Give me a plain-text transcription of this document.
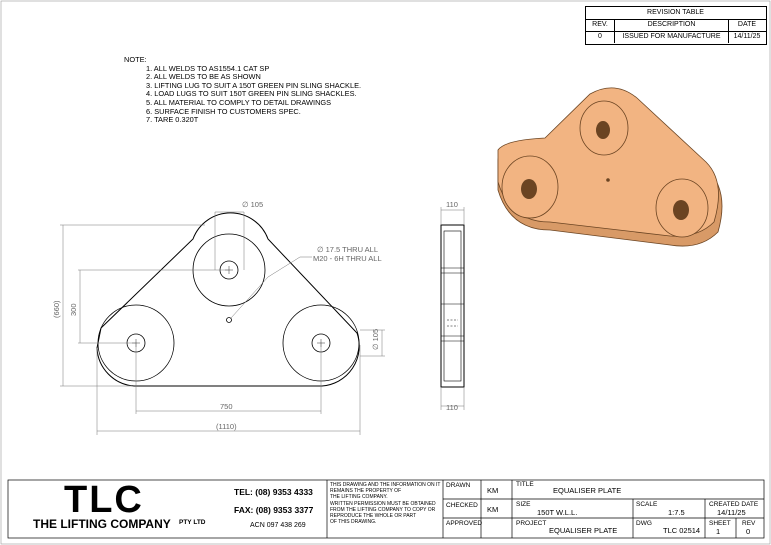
∅ 105
∅ 17.5 THRU ALL
M20 - 6H THRU ALL
(660) 300
∅ 105
750
(1110)
110
110
REVISION TABLE
REV.	DESCRIPTION	DATE
0	ISSUED FOR MANUFACTURE	14/11/25
NOTE:
1. ALL WELDS TO AS1554.1 CAT SP
2. ALL WELDS TO BE AS SHOWN
3. LIFTING LUG TO SUIT A 150T GREEN PIN SLING SHACKLE.
4. LOAD LUGS TO SUIT 150T GREEN PIN SLING SHACKLES.
5. ALL MATERIAL TO COMPLY TO DETAIL DRAWINGS
6. SURFACE FINISH TO CUSTOMERS SPEC.
7. TARE 0.320T
TLC
THE LIFTING COMPANY PTY LTD
TEL: (08) 9353 4333
FAX: (08) 9353 3377
ACN 097 438 269
THIS DRAWING AND THE INFORMATION ON IT
REMAINS THE PROPERTY OF
THE LIFTING COMPANY.
WRITTEN PERMISSION MUST BE OBTAINED
FROM THE LIFTING COMPANY TO COPY OR
REPRODUCE THE WHOLE OR PART
OF THIS DRAWING.
DRAWN
KM
CHECKED KM
APPROVED
TITLE
EQUALISER PLATE
SIZE
150T W.L.L.
SCALE
1:7.5
CREATED DATE
14/11/25
PROJECT
EQUALISER PLATE
DWG
TLC 02514
SHEET
1
REV
0
